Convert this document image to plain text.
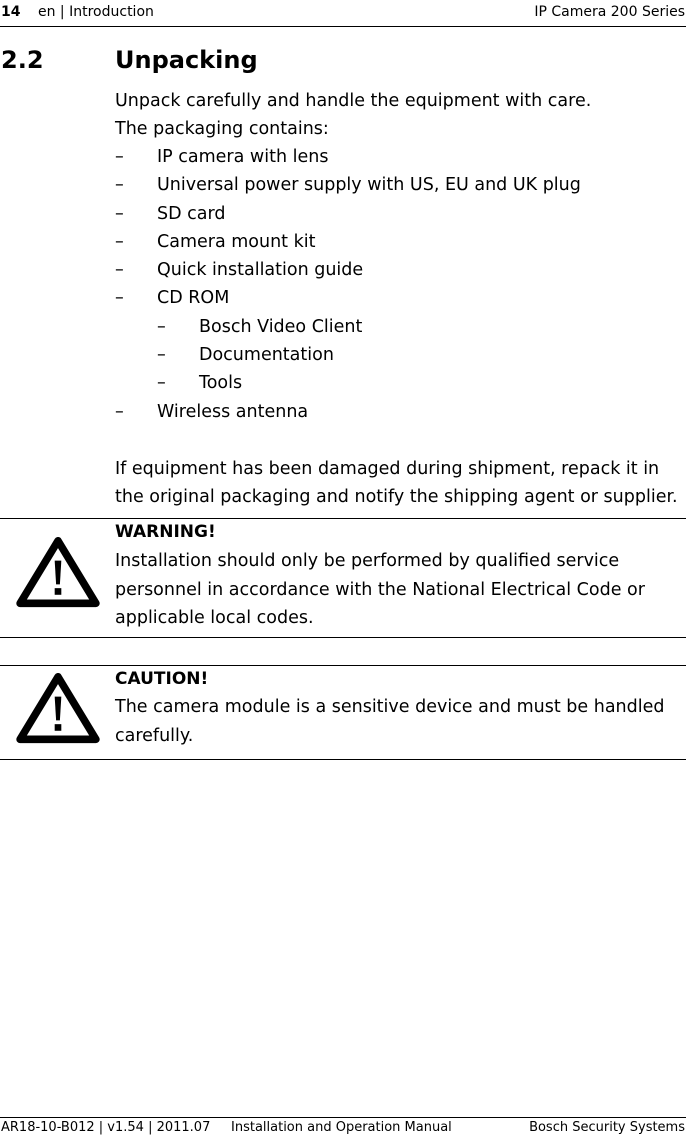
14 en | Introduction	IP Camera 200 Series
2.2	Unpacking
Unpack carefully and handle the equipment with care.
The packaging contains:
– IP camera with lens
– Universal power supply with US, EU and UK plug
– SD card
– Camera mount kit
– Quick installation guide
– CD ROM
– Bosch Video Client
– Documentation
– Tools
– Wireless antenna
If equipment has been damaged during shipment, repack it in
the original packaging and notify the shipping agent or supplier.
WARNING!
Installation should only be performed by qualified service personnel in accordance with the National Electrical Code or applicable local codes.
CAUTION!
The camera module is a sensitive device and must be handled carefully.
AR18-10-B012 | v1.54 | 2011.07 Installation and Operation Manual	Bosch Security Systems
